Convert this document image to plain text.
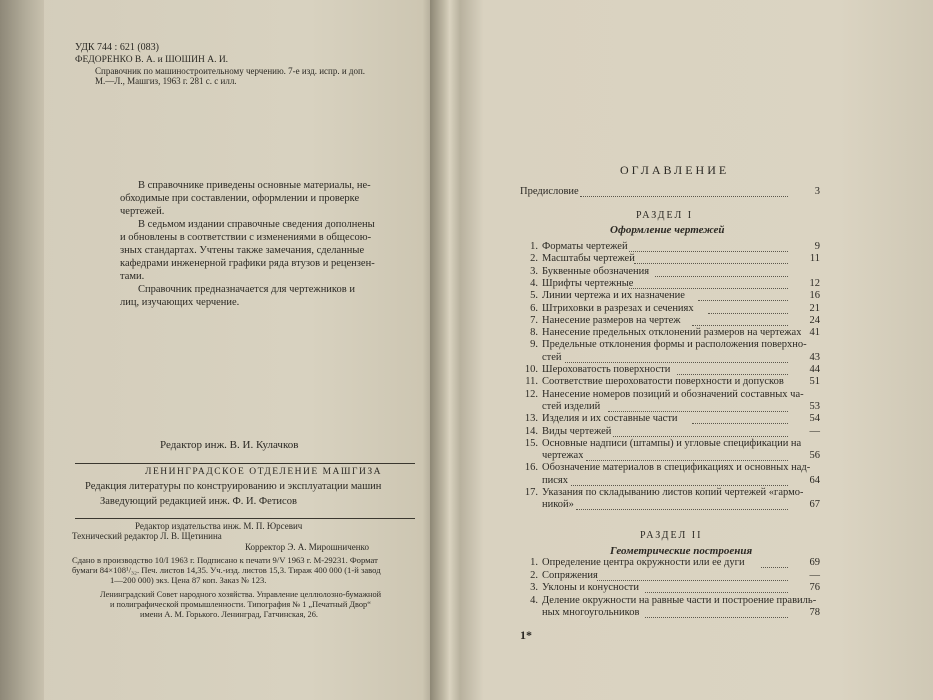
УДК 744 : 621 (083)
ФЕДОРЕНКО В. А. и ШОШИН А. И.
Справочник по машиностроительному черчению. 7-е изд. испр. и доп.
М.—Л., Машгиз, 1963 г. 281 с. с илл.
В справочнике приведены основные материалы, не-
обходимые при составлении, оформлении и проверке
чертежей.
В седьмом издании справочные сведения дополнены
и обновлены в соответствии с изменениями в общесою-
зных стандартах. Учтены также замечания, сделанные
кафедрами инженерной графики ряда втузов и рецензен-
тами.
Справочник предназначается для чертежников и
лиц, изучающих черчение.
Редактор инж. В. И. Кулачков
ЛЕНИНГРАДСКОЕ ОТДЕЛЕНИЕ МАШГИЗА
Редакция литературы по конструированию и эксплуатации машин
Заведующий редакцией инж. Ф. И. Фетисов
Редактор издательства инж. М. П. Юрсевич
Технический редактор Л. В. Щетинина
Корректор Э. А. Мирошниченко
Сдано в производство 10/I 1963 г. Подписано к печати 9/V 1963 г. М-29231. Формат
бумаги 84×108¹/₃₂. Печ. листов 14,35. Уч.-изд. листов 15,3. Тираж 400 000 (1-й завод
1—200 000) экз. Цена 87 коп. Заказ № 123.
Ленинградский Совет народного хозяйства. Управление целлюлозно-бумажной
и полиграфической промышленности. Типография № 1 „Печатный Двор“
имени А. М. Горького. Ленинград, Гатчинская, 26.
ОГЛАВЛЕНИЕ
Предисловие	3
РАЗДЕЛ I
Оформление чертежей
1. Форматы чертежей	9
2. Масштабы чертежей	11
3. Буквенные обозначения
4. Шрифты чертежные	12
5. Линии чертежа и их назначение	16
6. Штриховки в разрезах и сечениях	21
7. Нанесение размеров на чертеж	24
8. Нанесение предельных отклонений размеров на чертежах 41
9. Предельные отклонения формы и расположения поверхно-
стей	43
10. Шероховатость поверхности	44
11. Соответствие шероховатости поверхности и допусков	51
12. Нанесение номеров позиций и обозначений составных ча-
стей изделий	53
13. Изделия и их составные части	54
14. Виды чертежей	—
15. Основные надписи (штампы) и угловые спецификации на
чертежах	56
16. Обозначение материалов в спецификациях и основных над-
писях	64
17. Указания по складыванию листов копий чертежей «гармо-
никой»	67
РАЗДЕЛ II
Геометрические построения
1. Определение центра окружности или ее дуги	69
2. Сопряжения	—
3. Уклоны и конусности	76
4. Деление окружности на равные части и построение правиль-
ных многоугольников	78
1*
